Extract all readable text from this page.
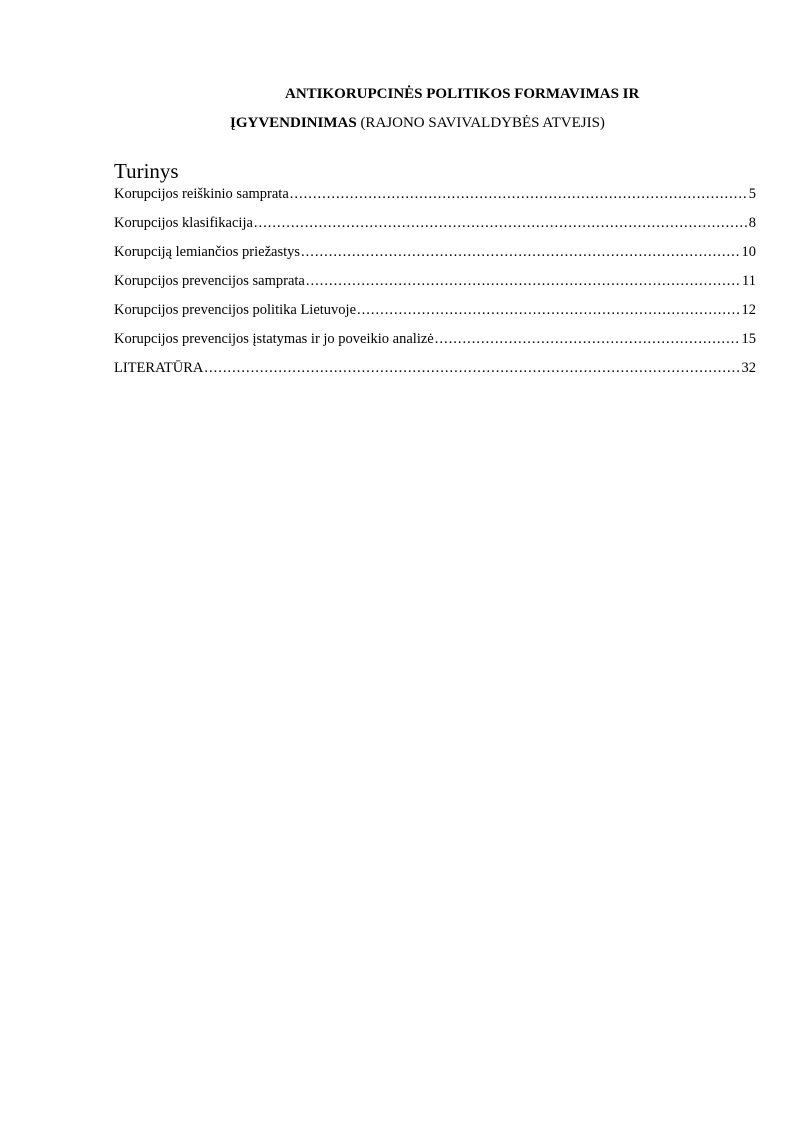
ANTIKORUPCINĖS POLITIKOS FORMAVIMAS IR
ĮGYVENDINIMAS (RAJONO SAVIVALDYBĖS ATVEJIS)
Turinys
Korupcijos reiškinio samprata .....	5
Korupcijos klasifikacija .....	8
Korupciją lemiančios priežastys .....	10
Korupcijos prevencijos samprata .....	11
Korupcijos prevencijos politika Lietuvoje .....	12
Korupcijos prevencijos įstatymas ir jo poveikio analizė .....	15
LITERATŪRA .....	32
